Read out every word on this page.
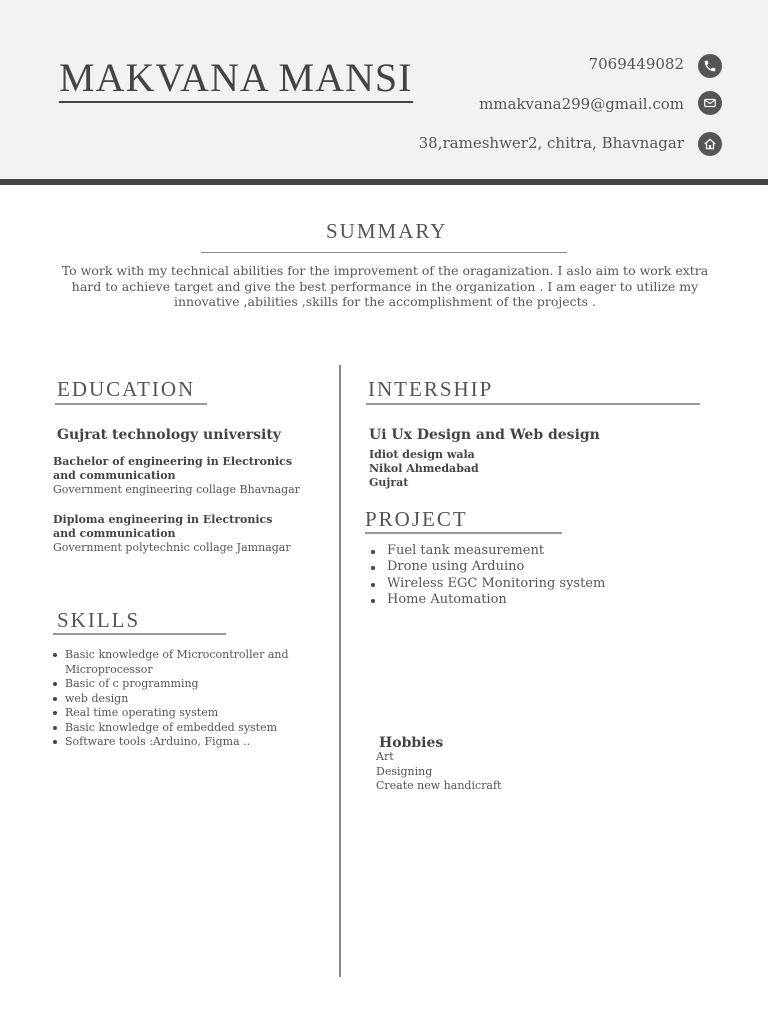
MAKVANA MANSI	7069449082
mmakvana299@gmail.com
38,rameshwer2, chitra, Bhavnagar
SUMMARY
To work with my technical abilities for the improvement of the oraganization. I aslo aim to work extra hard to achieve target and give the best performance in the organization . I am eager to utilize my innovative ,abilities ,skills for the accomplishment of the projects .
EDUCATION
Gujrat technology university
Bachelor of engineering in Electronics and communication
Government engineering collage Bhavnagar
Diploma engineering in Electronics and communication
Government polytechnic collage Jamnagar
SKILLS
Basic knowledge of Microcontroller and Microprocessor
Basic of c programming
web design
Real time operating system
Basic knowledge of embedded system
Software tools :Arduino, Figma ..
INTERSHIP
Ui Ux Design and Web design
Idiot design wala
Nikol Ahmedabad
Gujrat
PROJECT
Fuel tank measurement
Drone using Arduino
Wireless EGC Monitoring system
Home Automation
Hobbies
Art
Designing
Create new handicraft
